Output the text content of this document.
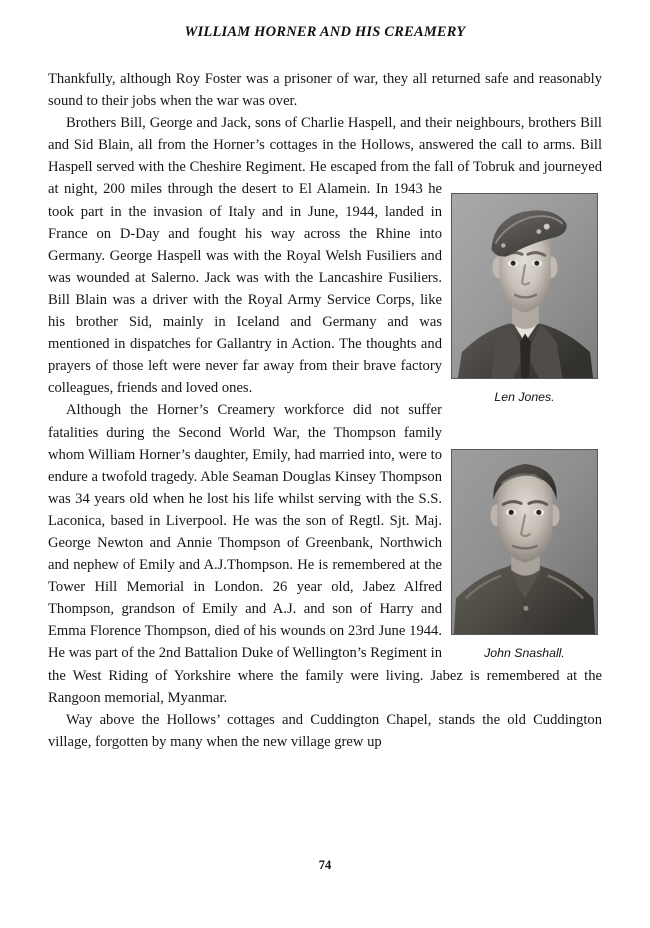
WILLIAM HORNER AND HIS CREAMERY
Len Jones.
John Snashall.

Thankfully, although Roy Foster was a prisoner of war, they all returned safe and reasonably sound to their jobs when the war was over.

Brothers Bill, George and Jack, sons of Charlie Haspell, and their neighbours, brothers Bill and Sid Blain, all from the Horner’s cottages in the Hollows, answered the call to arms. Bill Haspell served with the Cheshire Regiment. He escaped from the fall of Tobruk and journeyed at night, 200 miles through the desert to El Alamein. In 1943 he took part in the invasion of Italy and in June, 1944, landed in France on D-Day and fought his way across the Rhine into Germany. George Haspell was with the Royal Welsh Fusiliers and was wounded at Salerno. Jack was with the Lancashire Fusiliers. Bill Blain was a driver with the Royal Army Service Corps, like his brother Sid, mainly in Iceland and Germany and was mentioned in dispatches for Gallantry in Action. The thoughts and prayers of those left were never far away from their brave factory colleagues, friends and loved ones.

Although the Horner’s Creamery workforce did not suffer fatalities during the Second World War, the Thompson family whom William Horner’s daughter, Emily, had married into, were to endure a twofold tragedy. Able Seaman Douglas Kinsey Thompson was 34 years old when he lost his life whilst serving with the S.S. Laconica, based in Liverpool. He was the son of Regtl. Sjt. Maj. George Newton and Annie Thompson of Greenbank, Northwich and nephew of Emily and A.J.Thompson. He is remembered at the Tower Hill Memorial in London. 26 year old, Jabez Alfred Thompson, grandson of Emily and A.J. and son of Harry and Emma Florence Thompson, died of his wounds on 23rd June 1944. He was part of the 2nd Battalion Duke of Wellington’s Regiment in the West Riding of Yorkshire where the family were living. Jabez is remembered at the Rangoon memorial, Myanmar.

Way above the Hollows’ cottages and Cuddington Chapel, stands the old Cuddington village, forgotten by many when the new village grew up

74
